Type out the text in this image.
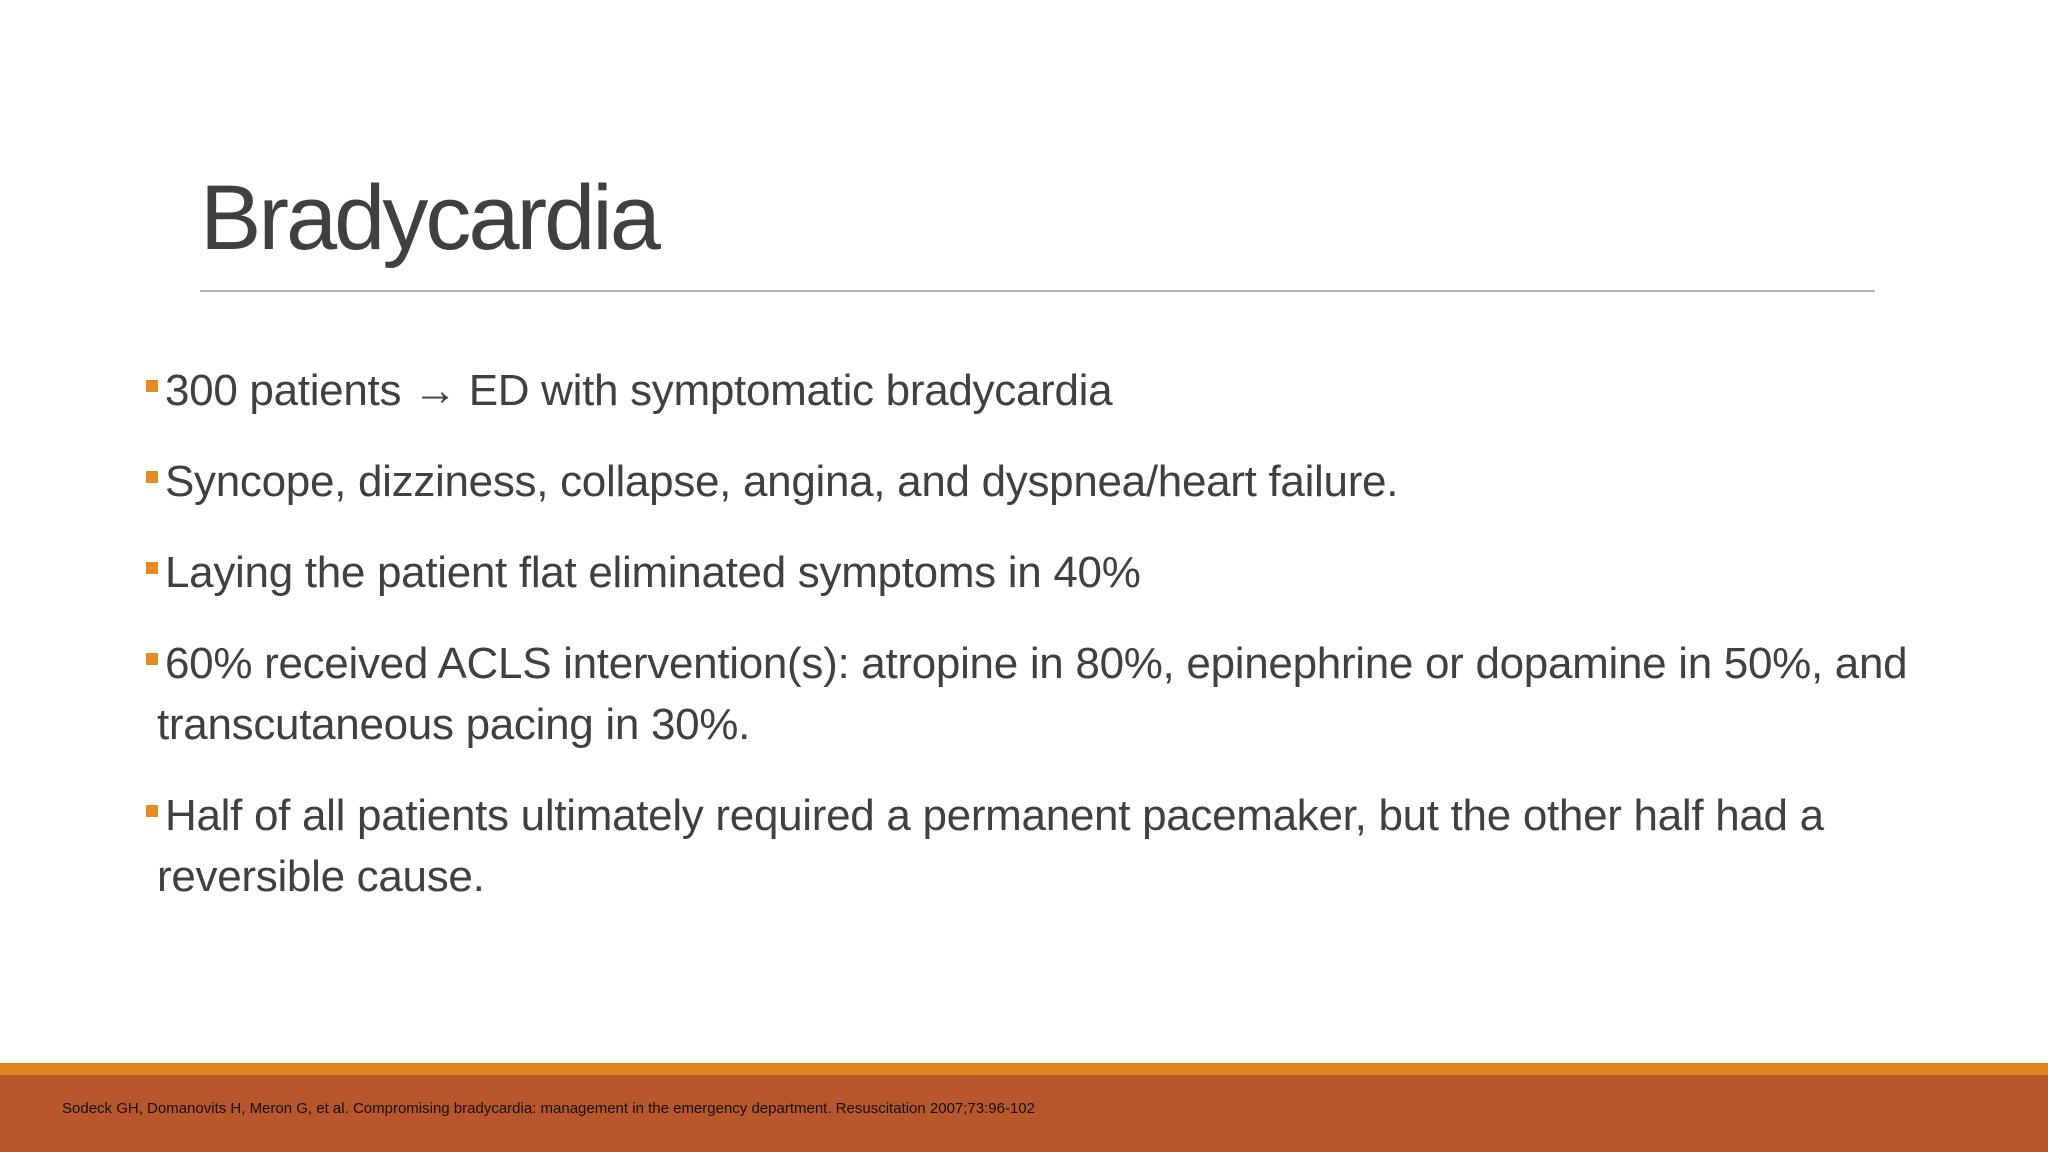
Bradycardia
300 patients → ED with symptomatic bradycardia
Syncope, dizziness, collapse, angina, and dyspnea/heart failure.
Laying the patient flat eliminated symptoms in 40%
60% received ACLS intervention(s): atropine in 80%, epinephrine or dopamine in 50%, and transcutaneous pacing in 30%.
Half of all patients ultimately required a permanent pacemaker, but the other half had a reversible cause.
Sodeck GH, Domanovits H, Meron G, et al. Compromising bradycardia: management in the emergency department. Resuscitation 2007;73:96-102
